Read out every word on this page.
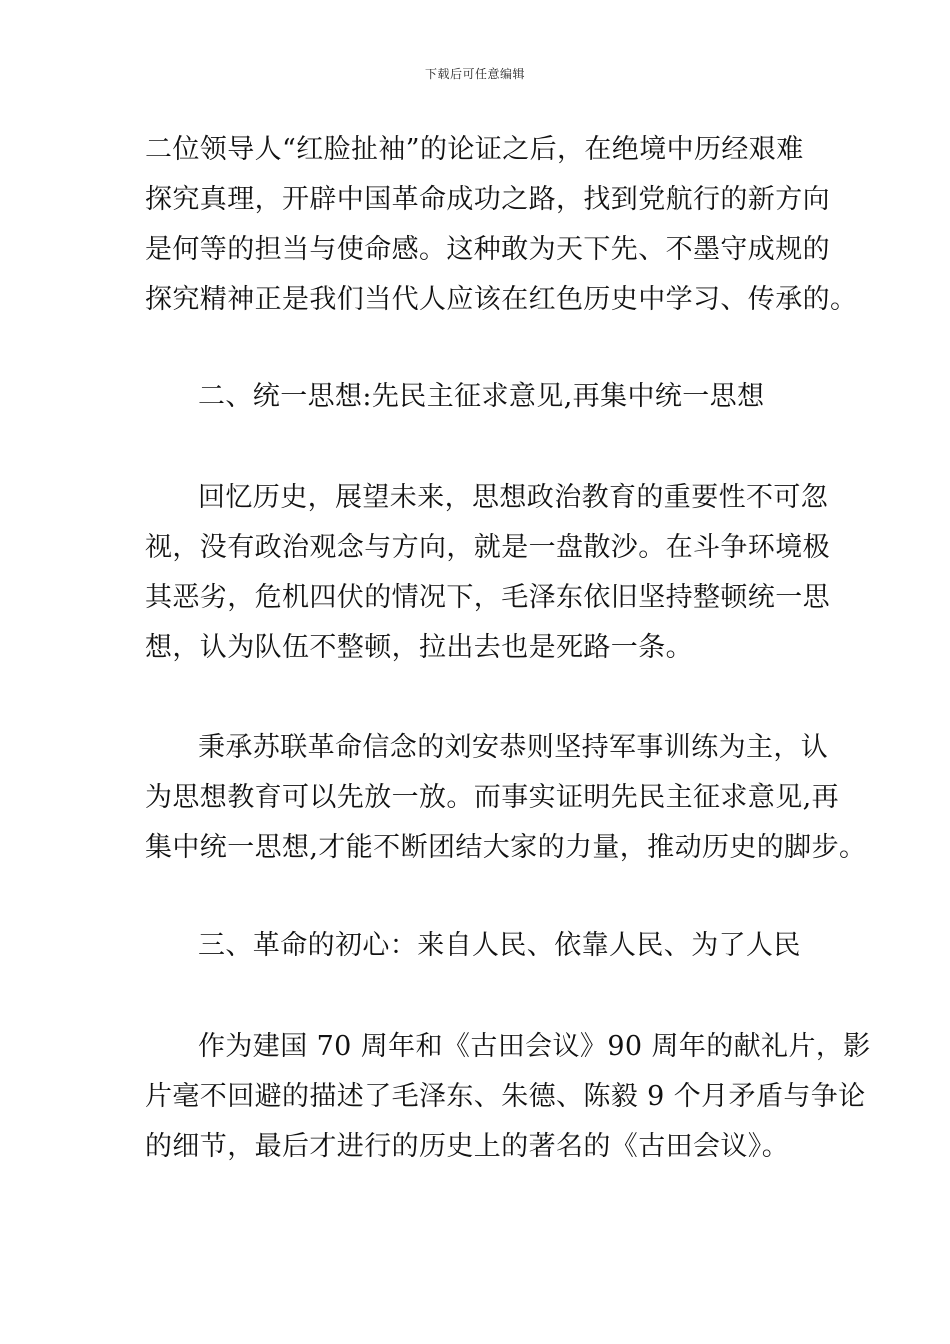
下载后可任意编辑
二位领导人“红脸扯袖”的论证之后，在绝境中历经艰难
探究真理，开辟中国革命成功之路，找到党航行的新方向
是何等的担当与使命感。这种敢为天下先、不墨守成规的
探究精神正是我们当代人应该在红色历史中学习、传承的。
二、统一思想:先民主征求意见,再集中统一思想
回忆历史，展望未来，思想政治教育的重要性不可忽
视，没有政治观念与方向，就是一盘散沙。在斗争环境极
其恶劣，危机四伏的情况下，毛泽东依旧坚持整顿统一思
想，认为队伍不整顿，拉出去也是死路一条。
秉承苏联革命信念的刘安恭则坚持军事训练为主，认
为思想教育可以先放一放。而事实证明先民主征求意见,再
集中统一思想,才能不断团结大家的力量，推动历史的脚步。
三、革命的初心：来自人民、依靠人民、为了人民
作为建国 70 周年和《古田会议》90 周年的献礼片，影
片毫不回避的描述了毛泽东、朱德、陈毅 9 个月矛盾与争论
的细节，最后才进行的历史上的著名的《古田会议》。
